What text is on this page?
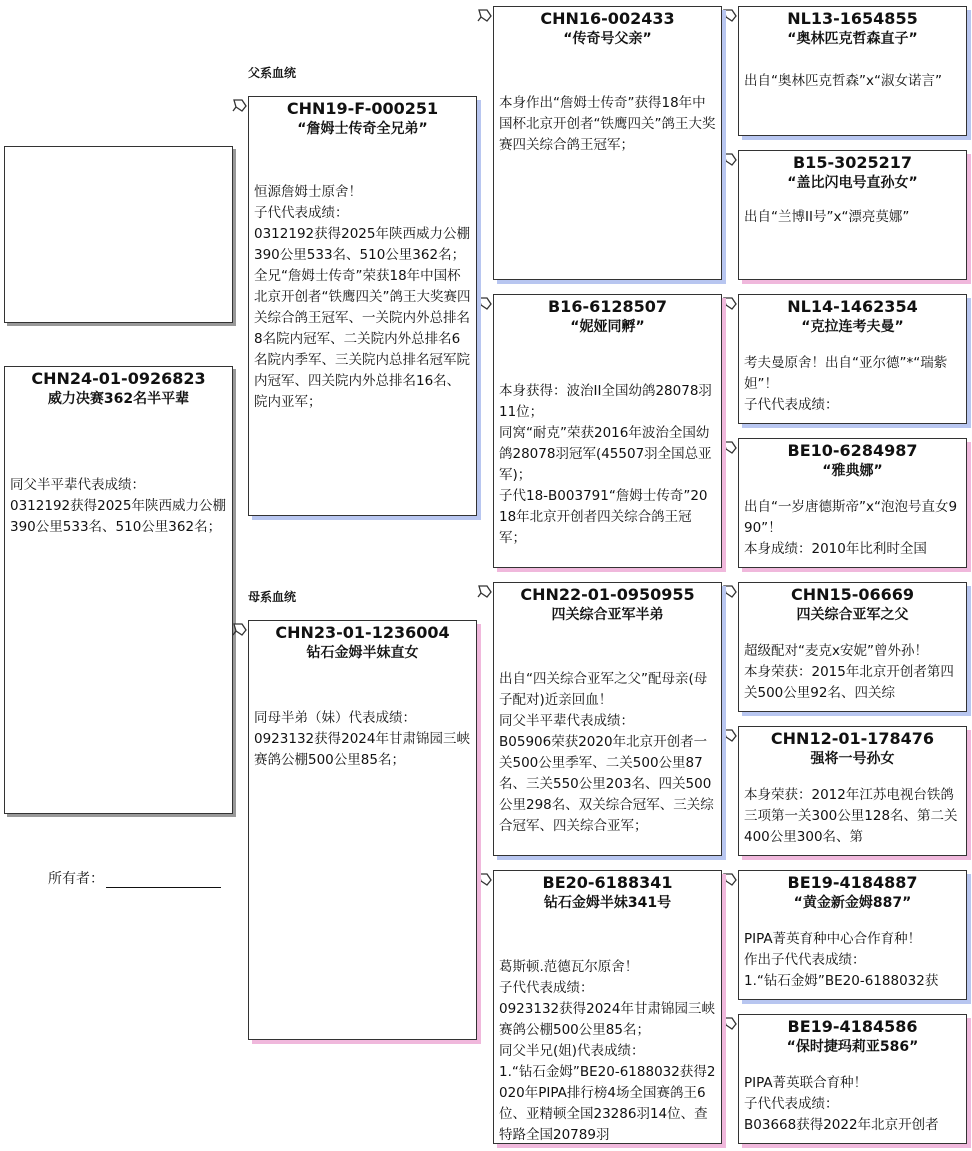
CHN24-01-0926823
威力决赛362名半平辈
同父半平辈代表成绩：
0312192获得2025年陕西威力公棚390公里533名、510公里362名；
所有者：
父系血统
母系血统
CHN19-F-000251
“詹姆士传奇全兄弟”
恒源詹姆士原舍！
子代代表成绩：
0312192获得2025年陕西威力公棚390公里533名、510公里362名；
全兄“詹姆士传奇”荣获18年中国杯北京开创者“铁鹰四关”鸽王大奖赛四关综合鸽王冠军、一关院内外总排名8名院内冠军、二关院内外总排名6名院内季军、三关院内总排名冠军院内冠军、四关院内外总排名16名、院内亚军；
CHN23-01-1236004
钻石金姆半妹直女
同母半弟（妹）代表成绩：
0923132获得2024年甘肃锦园三峡赛鸽公棚500公里85名；
CHN16-002433
“传奇号父亲”
本身作出“詹姆士传奇”获得18年中国杯北京开创者“铁鹰四关”鸽王大奖赛四关综合鸽王冠军；
B16-6128507
“妮娅同孵”
本身获得：波治II全国幼鸽28078羽11位；
同窝“耐克”荣获2016年波治全国幼鸽28078羽冠军(45507羽全国总亚军)；
子代18-B003791“詹姆士传奇”2018年北京开创者四关综合鸽王冠军；
CHN22-01-0950955
四关综合亚军半弟
出自“四关综合亚军之父”配母亲(母子配对)近亲回血！
同父半平辈代表成绩：
B05906荣获2020年北京开创者一关500公里季军、二关500公里87名、三关550公里203名、四关500公里298名、双关综合冠军、三关综合冠军、四关综合亚军；
BE20-6188341
钻石金姆半妹341号
葛斯顿.范德瓦尔原舍！
子代代表成绩：
0923132获得2024年甘肃锦园三峡赛鸽公棚500公里85名；
同父半兄(姐)代表成绩：
1.“钻石金姆”BE20-6188032获得2020年PIPA排行榜4场全国赛鸽王6位、亚精顿全国23286羽14位、查特路全国20789羽
NL13-1654855
“奥林匹克哲森直子”
出自“奥林匹克哲森”x“淑女诺言”
B15-3025217
“盖比闪电号直孙女”
出自“兰博II号”x“漂亮莫娜”
NL14-1462354
“克拉连考夫曼”
考夫曼原舍！出自“亚尔德”*“瑞紫妲”！
子代代表成绩：
BE10-6284987
“雅典娜”
出自“一岁唐德斯帝”x“泡泡号直女990”！
本身成绩：2010年比利时全国
CHN15-06669
四关综合亚军之父
超级配对“麦克x安妮”曾外孙！
本身荣获：2015年北京开创者第四关500公里92名、四关综
CHN12-01-178476
强将一号孙女
本身荣获：2012年江苏电视台铁鸽三项第一关300公里128名、第二关400公里300名、第
BE19-4184887
“黄金新金姆887”
PIPA菁英育种中心合作育种！
作出子代代表成绩：
1.“钻石金姆”BE20-6188032获
BE19-4184586
“保时捷玛莉亚586”
PIPA菁英联合育种！
子代代表成绩：
B03668获得2022年北京开创者
